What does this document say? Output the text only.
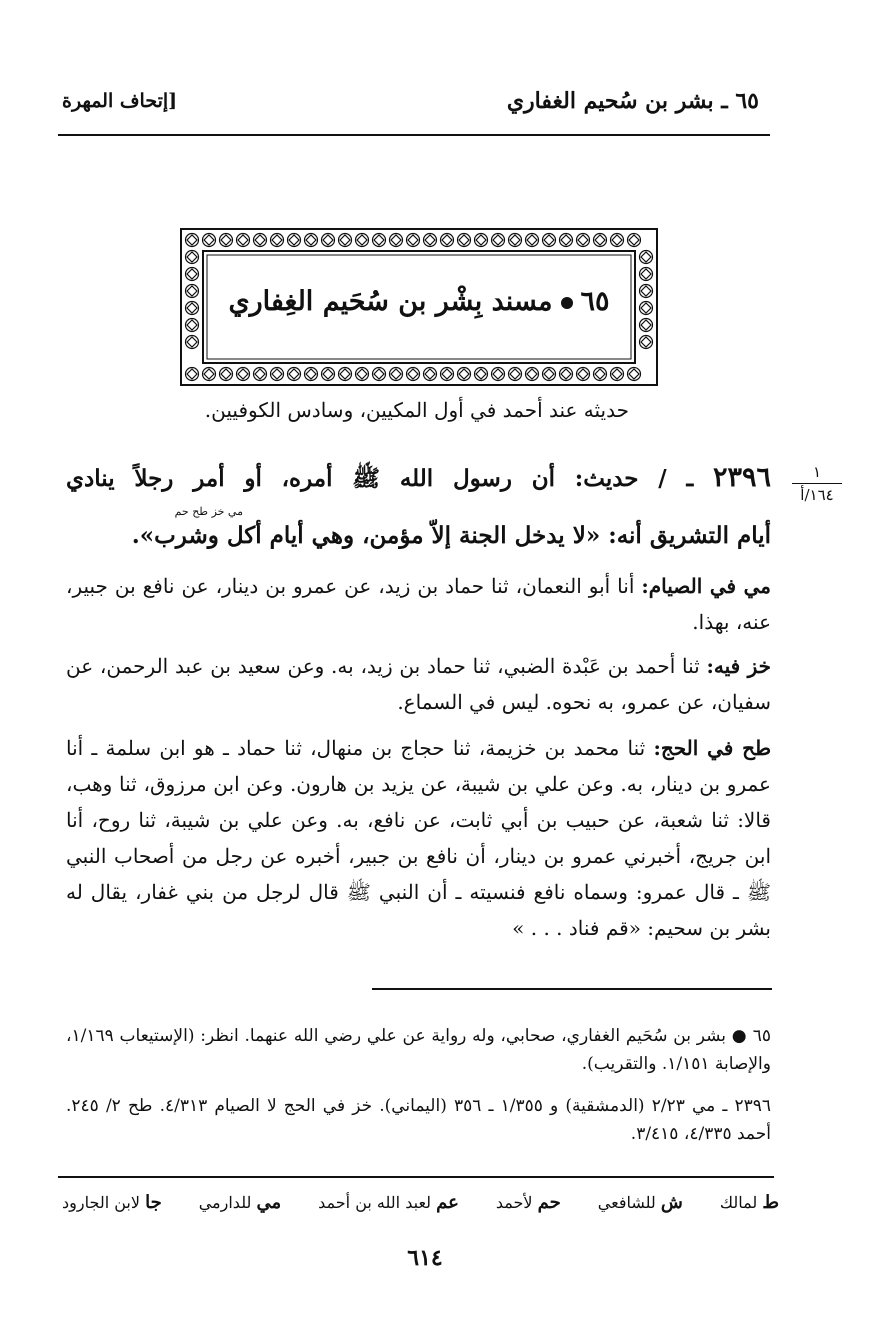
[إتحاف المهرة	٦٥ ـ بشر بن سُحيم الغفاري
٦٥مسند بِشْر بن سُحَيم الغِفاري
حديثه عند أحمد في أول المكيين، وسادس الكوفيين.
١
١٦٤/أ
٢٣٩٦ ـ / حديث: أن رسول الله ﷺ أمره، أو أمر رجلاً ينادي
مي خز طح حم
أيام التشريق أنه: «لا يدخل الجنة إلاّ مؤمن، وهي أيام أكل وشرب».
مي في الصيام: أنا أبو النعمان، ثنا حماد بن زيد، عن عمرو بن دينار، عن نافع بن جبير، عنه، بهذا.
خز فيه: ثنا أحمد بن عَبْدة الضبي، ثنا حماد بن زيد، به. وعن سعيد بن عبد الرحمن، عن سفيان، عن عمرو، به نحوه. ليس في السماع.
طح في الحج: ثنا محمد بن خزيمة، ثنا حجاج بن منهال، ثنا حماد ـ هو ابن سلمة ـ أنا عمرو بن دينار، به. وعن علي بن شيبة، عن يزيد بن هارون. وعن ابن مرزوق، ثنا وهب، قالا: ثنا شعبة، عن حبيب بن أبي ثابت، عن نافع، به. وعن علي بن شيبة، ثنا روح، أنا ابن جريج، أخبرني عمرو بن دينار، أن نافع بن جبير، أخبره عن رجل من أصحاب النبي ﷺ ـ قال عمرو: وسماه نافع فنسيته ـ أن النبي ﷺ قال لرجل من بني غفار، يقال له بشر بن سحيم: «قم فناد . . . »
٦٥ ● بشر بن سُحَيم الغفاري، صحابي، وله رواية عن علي رضي الله عنهما. انظر: (الإستيعاب ١/١٦٩، والإصابة ١/١٥١. والتقريب).
٢٣٩٦ ـ مي ٢/٢٣ (الدمشقية) و ١/٣٥٥ ـ ٣٥٦ (اليماني). خز في الحج لا الصيام ٤/٣١٣. طح ٢/ ٢٤٥. أحمد ٤/٣٣٥، ٣/٤١٥.
ط لمالك
ش للشافعي
حم لأحمد
عم لعبد الله بن أحمد
مي للدارمي
جا لابن الجارود
٦١٤
